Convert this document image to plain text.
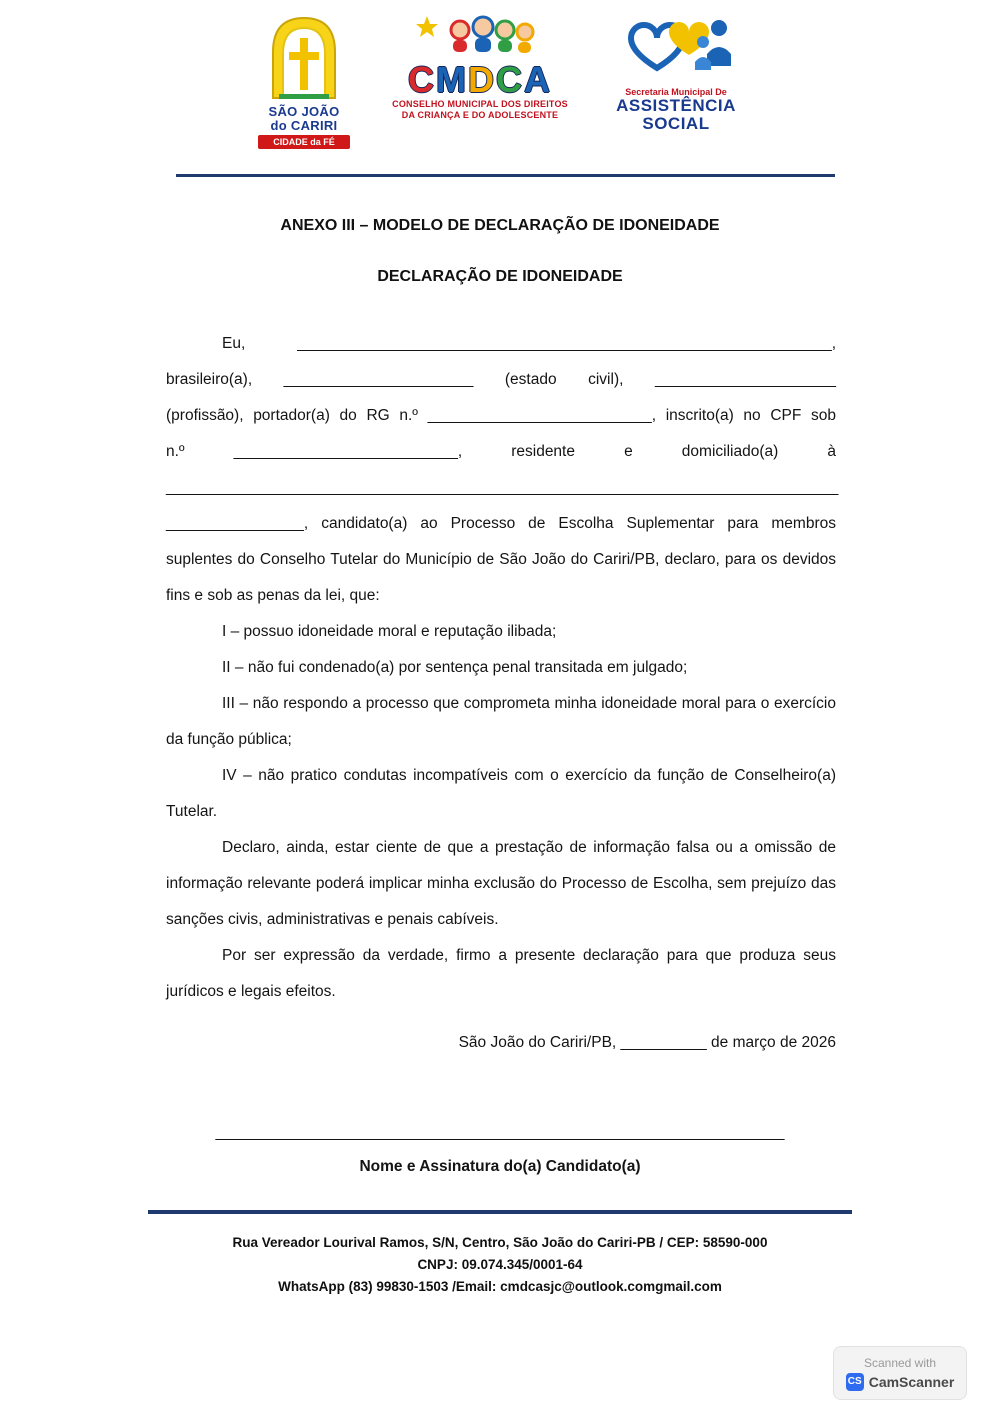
SÃO JOÃO
do CARIRI
CIDADE da FÉ
CMDCA
CONSELHO MUNICIPAL DOS DIREITOS
DA CRIANÇA E DO ADOLESCENTE
Secretaria Municipal De
ASSISTÊNCIA
SOCIAL
ANEXO III – MODELO DE DECLARAÇÃO DE IDONEIDADE
DECLARAÇÃO DE IDONEIDADE

Eu, ______________________________________________________________,

brasileiro(a), ______________________ (estado civil), _____________________

(profissão), portador(a) do RG n.º __________________________, inscrito(a) no CPF sob

n.º __________________________, residente e domiciliado(a) à

______________________________________________________________________________

________________, candidato(a) ao Processo de Escolha Suplementar para membros suplentes do Conselho Tutelar do Município de São João do Cariri/PB, declaro, para os devidos fins e sob as penas da lei, que:

I – possuo idoneidade moral e reputação ilibada;

II – não fui condenado(a) por sentença penal transitada em julgado;

III – não respondo a processo que comprometa minha idoneidade moral para o exercício da função pública;

IV – não pratico condutas incompatíveis com o exercício da função de Conselheiro(a) Tutelar.

Declaro, ainda, estar ciente de que a prestação de informação falsa ou a omissão de informação relevante poderá implicar minha exclusão do Processo de Escolha, sem prejuízo das sanções civis, administrativas e penais cabíveis.

Por ser expressão da verdade, firmo a presente declaração para que produza seus jurídicos e legais efeitos.

São João do Cariri/PB, __________ de março de 2026

__________________________________________________________________
Nome e Assinatura do(a) Candidato(a)
Rua Vereador Lourival Ramos, S/N, Centro, São João do Cariri-PB / CEP: 58590-000
CNPJ: 09.074.345/0001-64
WhatsApp (83) 99830-1503 /Email: cmdcasjc@outlook.comgmail.com
Scanned with
CS CamScanner
